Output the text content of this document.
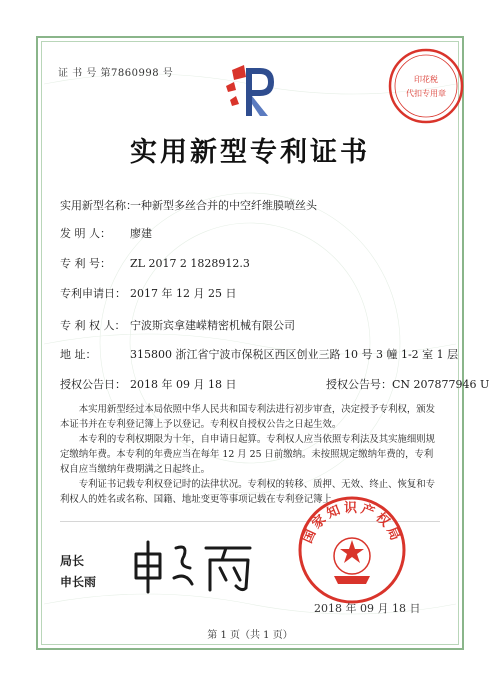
证 书 号 第7860998 号
印花税
代扣专用章
实用新型专利证书
实用新型名称：
一种新型多丝合并的中空纤维膜喷丝头
发 明 人： 廖建
专 利 号： ZL 2017 2 1828912.3
专利申请日： 2017 年 12 月 25 日
专 利 权 人： 宁波斯宾拿建嵘精密机械有限公司
地 址：	315800 浙江省宁波市保税区西区创业三路 10 号 3 幢 1-2 室 1 层
授权公告日： 2018 年 09 月 18 日	授权公告号：CN 207877946 U
本实用新型经过本局依照中华人民共和国专利法进行初步审查，决定授予专利权，颁发本证书并在专利登记簿上予以登记。专利权自授权公告之日起生效。
本专利的专利权期限为十年，自申请日起算。专利权人应当依照专利法及其实施细则规定缴纳年费。本专利的年费应当在每年 12 月 25 日前缴纳。未按照规定缴纳年费的，专利权自应当缴纳年费期满之日起终止。
专利证书记载专利权登记时的法律状况。专利权的转移、质押、无效、终止、恢复和专利权人的姓名或名称、国籍、地址变更等事项记载在专利登记簿上。
局长
申长雨
国家知识产权局
2018 年 09 月 18 日
第 1 页（共 1 页）
